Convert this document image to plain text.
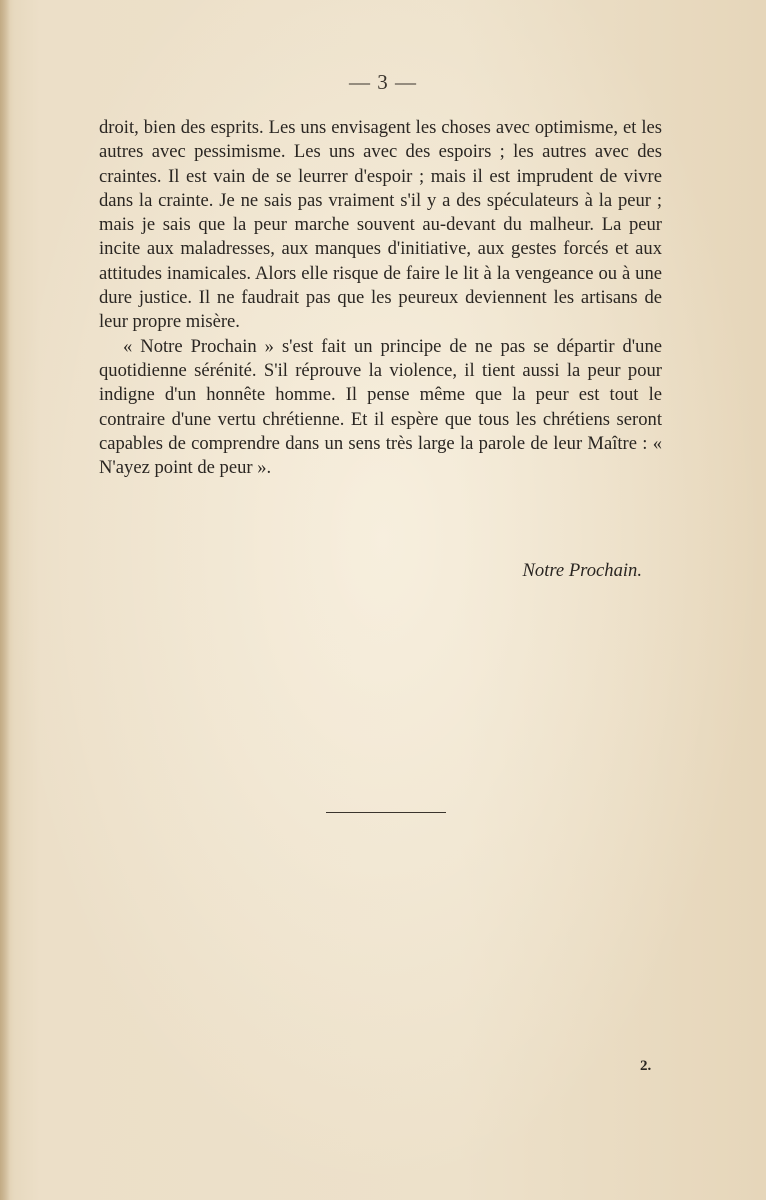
— 3 —

droit, bien des esprits. Les uns envisagent les choses avec optimisme, et les autres avec pessimisme. Les uns avec des espoirs ; les autres avec des craintes. Il est vain de se leurrer d'espoir ; mais il est imprudent de vivre dans la crainte. Je ne sais pas vraiment s'il y a des spéculateurs à la peur ; mais je sais que la peur marche souvent au-devant du malheur. La peur incite aux maladresses, aux manques d'initiative, aux gestes forcés et aux attitudes inamicales. Alors elle risque de faire le lit à la vengeance ou à une dure justice. Il ne faudrait pas que les peureux deviennent les artisans de leur propre misère.

« Notre Prochain » s'est fait un principe de ne pas se départir d'une quotidienne sérénité. S'il réprouve la violence, il tient aussi la peur pour indigne d'un honnête homme. Il pense même que la peur est tout le contraire d'une vertu chrétienne. Et il espère que tous les chrétiens seront capables de comprendre dans un sens très large la parole de leur Maître : « N'ayez point de peur ».

Notre Prochain.
2.
